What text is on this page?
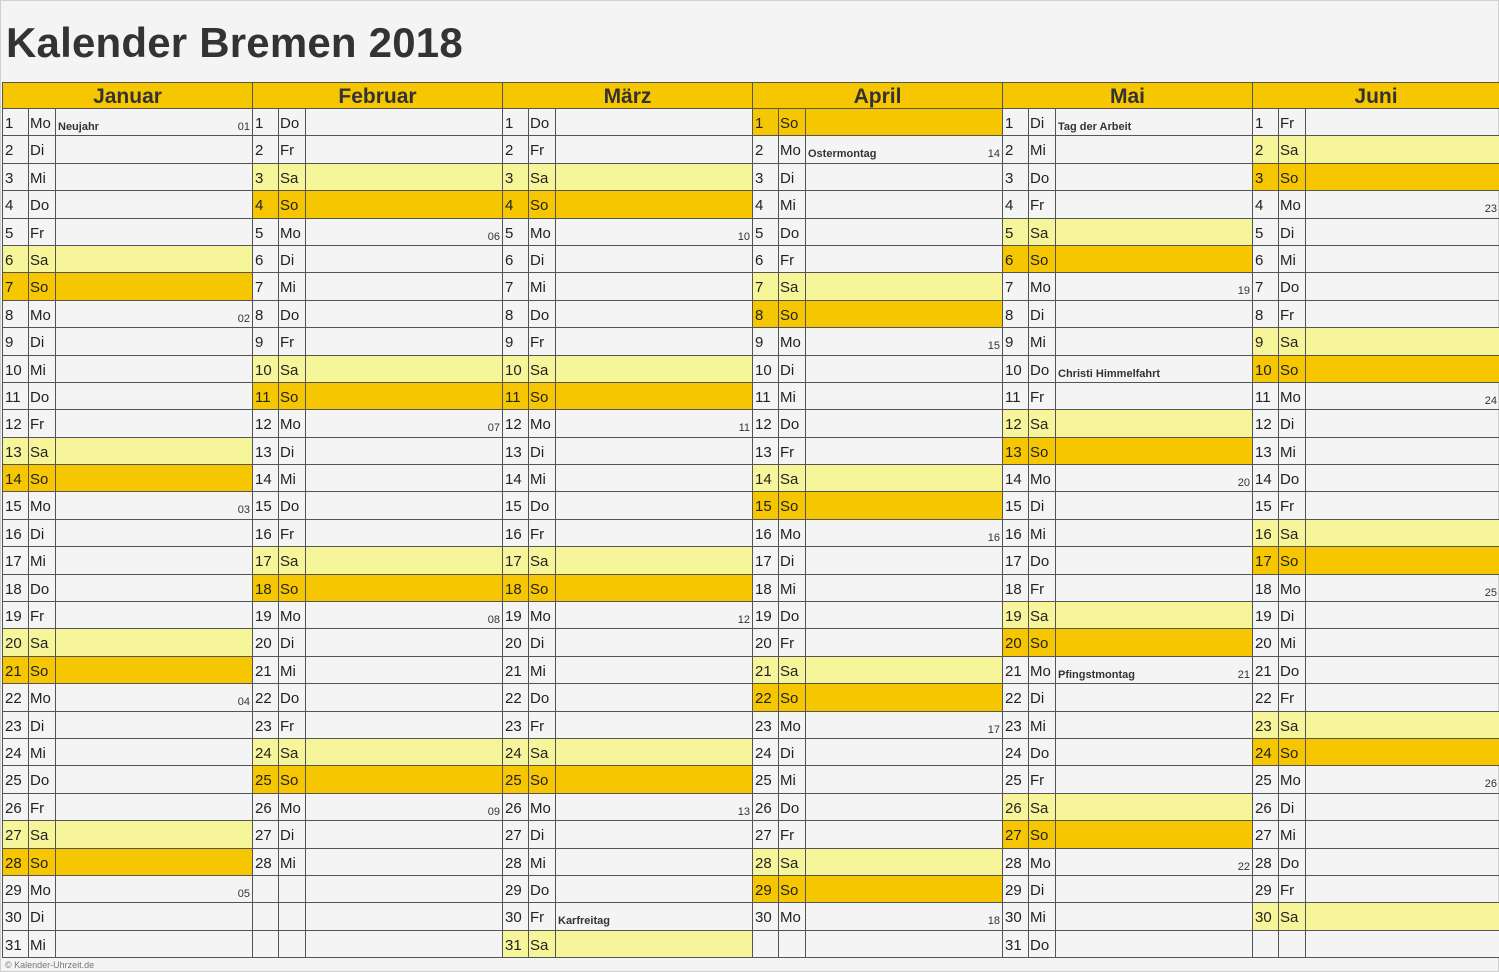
Kalender Bremen 2018
Januar
1	Mo Neujahr	01
2	Di
3	Mi
4	Do
5	Fr
6	Sa
7	So
8	Mo	02
9	Di
10 Mi
11 Do
12 Fr
13 Sa
14 So
15 Mo	03
16 Di
17 Mi
18 Do
19 Fr
20 Sa
21 So
22 Mo	04
23 Di
24 Mi
25 Do
26 Fr
27 Sa
28 So
29 Mo	05
30 Di
31 Mi
Februar
1	Do
2	Fr
3	Sa
4	So
5	Mo	06
6	Di
7	Mi
8	Do
9	Fr
10 Sa
11 So
12 Mo	07
13 Di
14 Mi
15 Do
16 Fr
17 Sa
18 So
19 Mo	08
20 Di
21 Mi
22 Do
23 Fr
24 Sa
25 So
26 Mo	09
27 Di
28 Mi
März
1	Do
2	Fr
3	Sa
4	So
5	Mo	10
6	Di
7	Mi
8	Do
9	Fr
10 Sa
11 So
12 Mo	11
13 Di
14 Mi
15 Do
16 Fr
17 Sa
18 So
19 Mo	12
20 Di
21 Mi
22 Do
23 Fr
24 Sa
25 So
26 Mo	13
27 Di
28 Mi
29 Do
30 Fr	Karfreitag
31 Sa
April
1	So
2	Mo Ostermontag	14
3	Di
4	Mi
5	Do
6	Fr
7	Sa
8	So
9	Mo	15
10 Di
11 Mi
12 Do
13 Fr
14 Sa
15 So
16 Mo	16
17 Di
18 Mi
19 Do
20 Fr
21 Sa
22 So
23 Mo	17
24 Di
25 Mi
26 Do
27 Fr
28 Sa
29 So
30 Mo	18
Mai
1	Di	Tag der Arbeit
2	Mi
3	Do
4	Fr
5	Sa
6	So
7	Mo	19
8	Di
9	Mi
10 Do Christi Himmelfahrt
11 Fr
12 Sa
13 So
14 Mo	20
15 Di
16 Mi
17 Do
18 Fr
19 Sa
20 So
21 Mo Pfingstmontag	21
22 Di
23 Mi
24 Do
25 Fr
26 Sa
27 So
28 Mo	22
29 Di
30 Mi
31 Do
Juni
1	Fr
2	Sa
3	So
4	Mo	23
5	Di
6	Mi
7	Do
8	Fr
9	Sa
10 So
11 Mo	24
12 Di
13 Mi
14 Do
15 Fr
16 Sa
17 So
18 Mo	25
19 Di
20 Mi
21 Do
22 Fr
23 Sa
24 So
25 Mo	26
26 Di
27 Mi
28 Do
29 Fr
30 Sa
© Kalender-Uhrzeit.de
